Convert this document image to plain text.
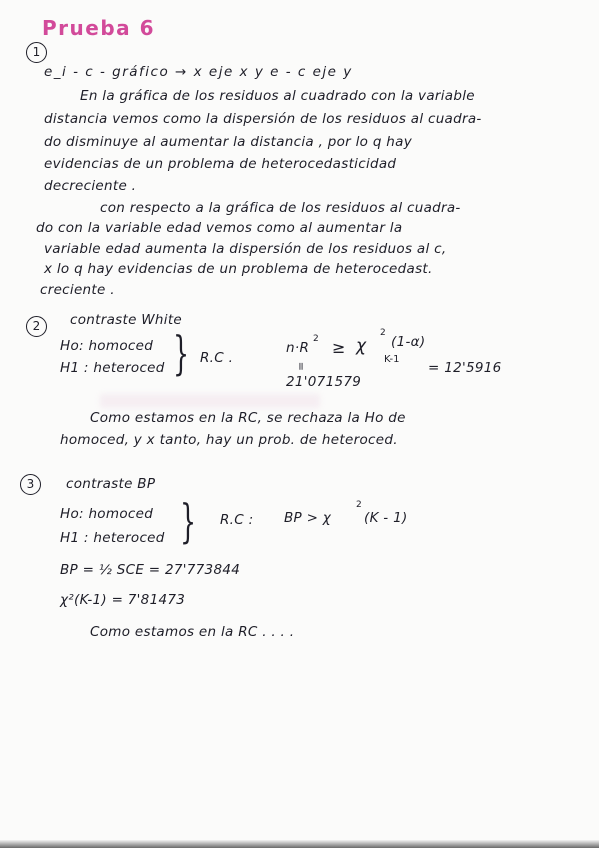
Prueba 6
1
e_i - c - gráfico → x eje x y e - c eje y
En la gráfica de los residuos al cuadrado con la variable
distancia vemos como la dispersión de los residuos al cuadra-
do disminuye al aumentar la distancia , por lo q hay
evidencias de un problema de heterocedasticidad
decreciente .
con respecto a la gráfica de los residuos al cuadra-
do con la variable edad vemos como al aumentar la
variable edad aumenta la dispersión de los residuos al c,
x lo q hay evidencias de un problema de heterocedast.
creciente .
2	contraste White
Ho: homoced
H1 : heteroced } R.C .
n·R
2 ≥ χ
2
(1-α)
K-1
=
21'071579
= 12'5916
Como estamos en la RC, se rechaza la Ho de
homoced, y x tanto, hay un prob. de heteroced.
3	contraste BP
Ho: homoced
H1 : heteroced } R.C : BP > χ
2
(K - 1)
BP = ½ SCE = 27'773844
χ²(K-1) = 7'81473
Como estamos en la RC . . . .
